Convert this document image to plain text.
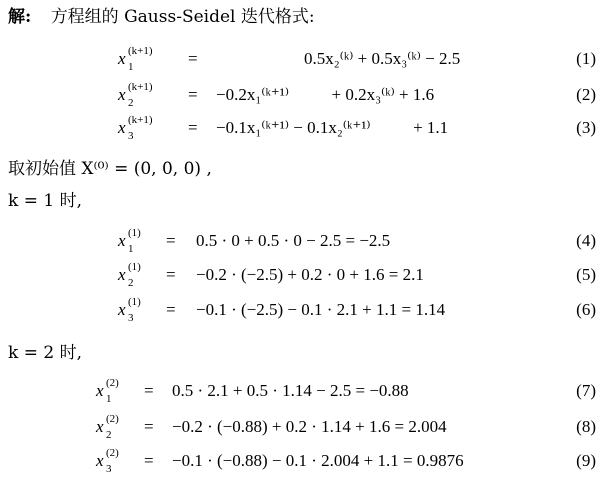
解: 方程组的 Gauss-Seidel 迭代格式:
x (k+1)
1	=	0.5x₂⁽ᵏ⁾ + 0.5x₃⁽ᵏ⁾ − 2.5	(1)
x (k+1)
2	= −0.2x₁⁽ᵏ⁺¹⁾          + 0.2x₃⁽ᵏ⁾ + 1.6	(2)
x (k+1)
3	= −0.1x₁⁽ᵏ⁺¹⁾ − 0.1x₂⁽ᵏ⁺¹⁾          + 1.1	(3)
取初始值 X⁽⁰⁾ = (0, 0, 0) ,
k = 1 时,
x (1)
1 = 0.5 · 0 + 0.5 · 0 − 2.5 = −2.5	(4)
x (1)
2 = −0.2 · (−2.5) + 0.2 · 0 + 1.6 = 2.1	(5)
x (1)
3 = −0.1 · (−2.5) − 0.1 · 2.1 + 1.1 = 1.14	(6)
k = 2 时,
x (2)
1 = 0.5 · 2.1 + 0.5 · 1.14 − 2.5 = −0.88	(7)
x (2)
2 = −0.2 · (−0.88) + 0.2 · 1.14 + 1.6 = 2.004	(8)
x (2)
3 = −0.1 · (−0.88) − 0.1 · 2.004 + 1.1 = 0.9876	(9)
